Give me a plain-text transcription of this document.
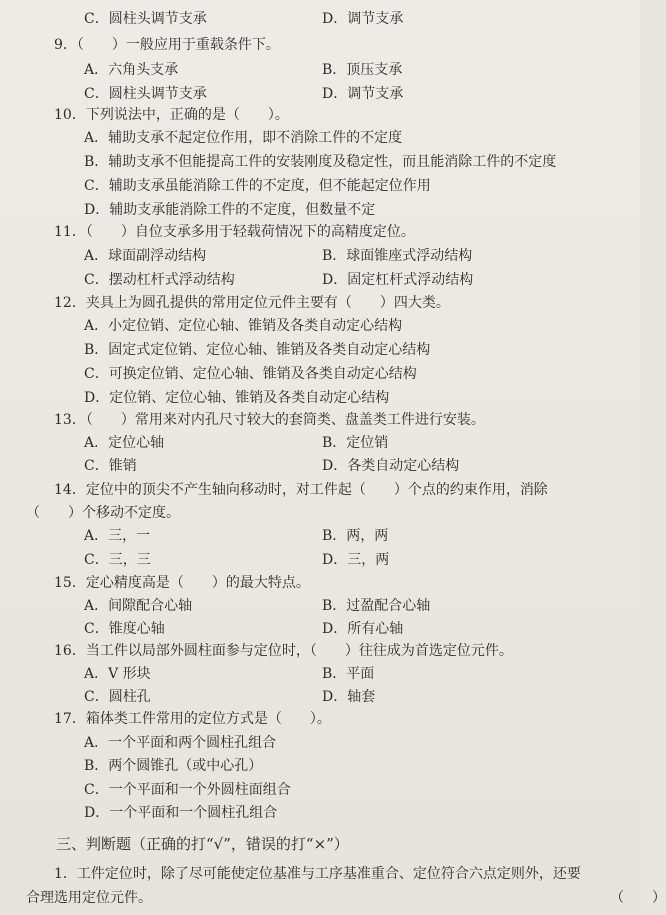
C．圆柱头调节支承	D．调节支承
9．（　　）一般应用于重载条件下。
A．六角头支承	B．顶压支承
C．圆柱头调节支承	D．调节支承
10．下列说法中，正确的是（　　）。
A．辅助支承不起定位作用，即不消除工件的不定度
B．辅助支承不但能提高工件的安装刚度及稳定性，而且能消除工件的不定度
C．辅助支承虽能消除工件的不定度，但不能起定位作用
D．辅助支承能消除工件的不定度，但数量不定
11．（　　）自位支承多用于轻载荷情况下的高精度定位。
A．球面副浮动结构	B．球面锥座式浮动结构
C．摆动杠杆式浮动结构	D．固定杠杆式浮动结构
12．夹具上为圆孔提供的常用定位元件主要有（　　）四大类。
A．小定位销、定位心轴、锥销及各类自动定心结构
B．固定式定位销、定位心轴、锥销及各类自动定心结构
C．可换定位销、定位心轴、锥销及各类自动定心结构
D．定位销、定位心轴、锥销及各类自动定心结构
13．（　　）常用来对内孔尺寸较大的套筒类、盘盖类工件进行安装。
A．定位心轴	B．定位销
C．锥销	D．各类自动定心结构
14．定位中的顶尖不产生轴向移动时，对工件起（　　）个点的约束作用，消除
（　　）个移动不定度。
A．三，一	B．两，两
C．三，三	D．三，两
15．定心精度高是（　　）的最大特点。
A．间隙配合心轴	B．过盈配合心轴
C．锥度心轴	D．所有心轴
16．当工件以局部外圆柱面参与定位时，（　　）往往成为首选定位元件。
A．V 形块	B．平面
C．圆柱孔	D．轴套
17．箱体类工件常用的定位方式是（　　）。
A．一个平面和两个圆柱孔组合
B．两个圆锥孔（或中心孔）
C．一个平面和一个外圆柱面组合
D．一个平面和一个圆柱孔组合
三、判断题（正确的打“√”，错误的打“×”）
1．工件定位时，除了尽可能使定位基准与工序基准重合、定位符合六点定则外，还要
合理选用定位元件。	（　　）
